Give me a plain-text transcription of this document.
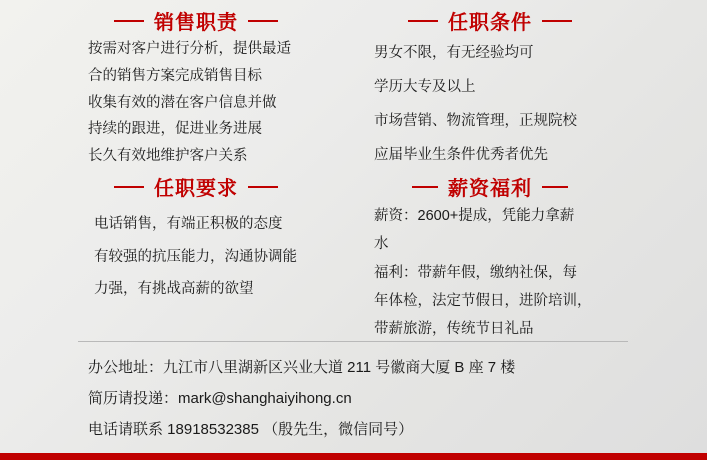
销售职责
按需对客户进行分析，提供最适
合的销售方案完成销售目标
收集有效的潜在客户信息并做
持续的跟进，促进业务进展
长久有效地维护客户关系
任职要求
电话销售，有端正积极的态度
有较强的抗压能力，沟通协调能
力强，有挑战高薪的欲望
任职条件
男女不限，有无经验均可
学历大专及以上
市场营销、物流管理，正规院校
应届毕业生条件优秀者优先
薪资福利
薪资：2600+提成，凭能力拿薪
水
福利：带薪年假，缴纳社保，每
年体检，法定节假日，进阶培训，
带薪旅游，传统节日礼品
办公地址：九江市八里湖新区兴业大道 211 号徽商大厦 B 座 7 楼
简历请投递：mark@shanghaiyihong.cn
电话请联系 18918532385 （殷先生，微信同号）
